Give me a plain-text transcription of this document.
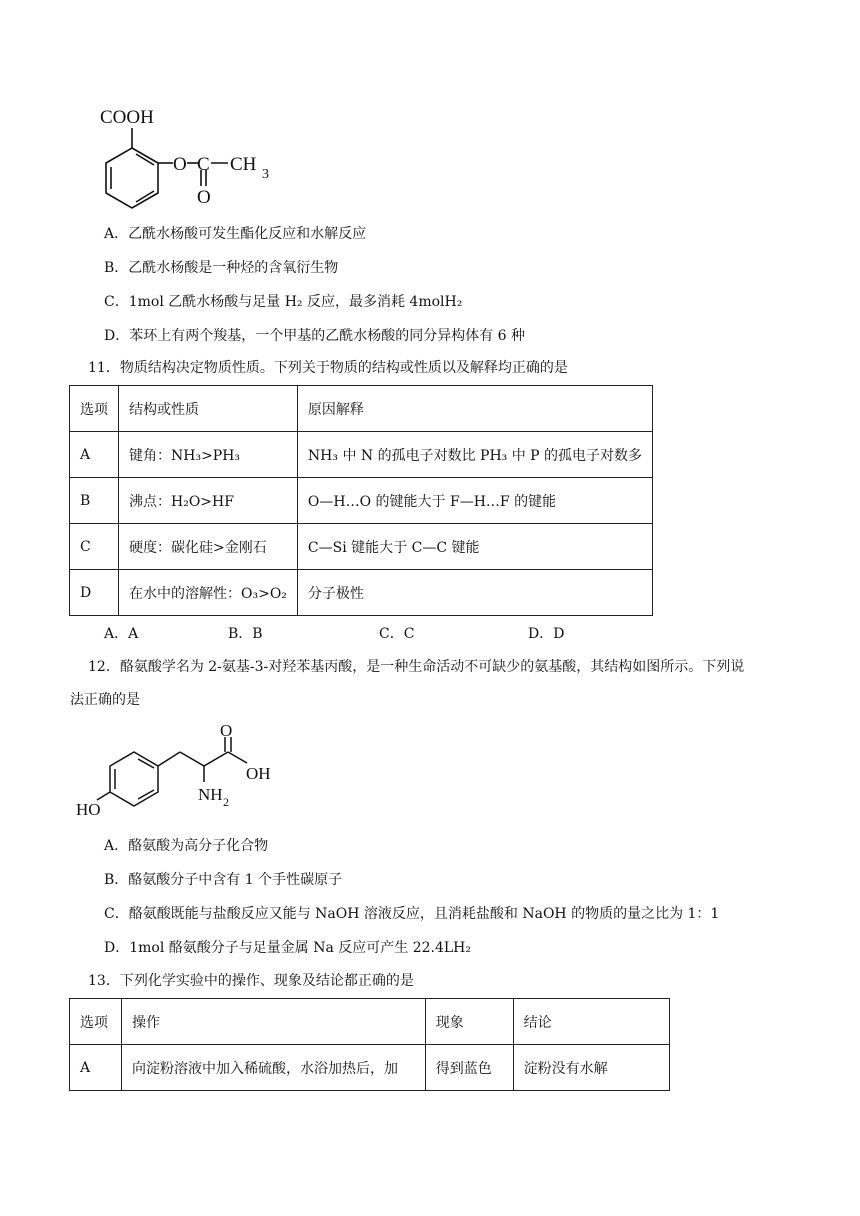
COOH
O C CH 3
O
A．乙酰水杨酸可发生酯化反应和水解反应
B．乙酰水杨酸是一种烃的含氧衍生物
C．1mol 乙酰水杨酸与足量 H₂ 反应，最多消耗 4molH₂
D．苯环上有两个羧基，一个甲基的乙酰水杨酸的同分异构体有 6 种
11．物质结构决定物质性质。下列关于物质的结构或性质以及解释均正确的是
选项	结构或性质	原因解释
A	键角：NH₃>PH₃	NH₃ 中 N 的孤电子对数比 PH₃ 中 P 的孤电子对数多
B	沸点：H₂O>HF	O—H…O 的键能大于 F—H…F 的键能
C	硬度：碳化硅>金刚石	C—Si 键能大于 C—C 键能
D	在水中的溶解性：O₃>O₂	分子极性
A．A	B．B	C．C	D．D
12．酪氨酸学名为 2-氨基-3-对羟苯基丙酸，是一种生命活动不可缺少的氨基酸，其结构如图所示。下列说
法正确的是
O
OH
NH 2
HO
A．酪氨酸为高分子化合物
B．酪氨酸分子中含有 1 个手性碳原子
C．酪氨酸既能与盐酸反应又能与 NaOH 溶液反应，且消耗盐酸和 NaOH 的物质的量之比为 1：1
D．1mol 酪氨酸分子与足量金属 Na 反应可产生 22.4LH₂
13．下列化学实验中的操作、现象及结论都正确的是
选项	操作	现象	结论
A	向淀粉溶液中加入稀硫酸，水浴加热后，加	得到蓝色	淀粉没有水解
